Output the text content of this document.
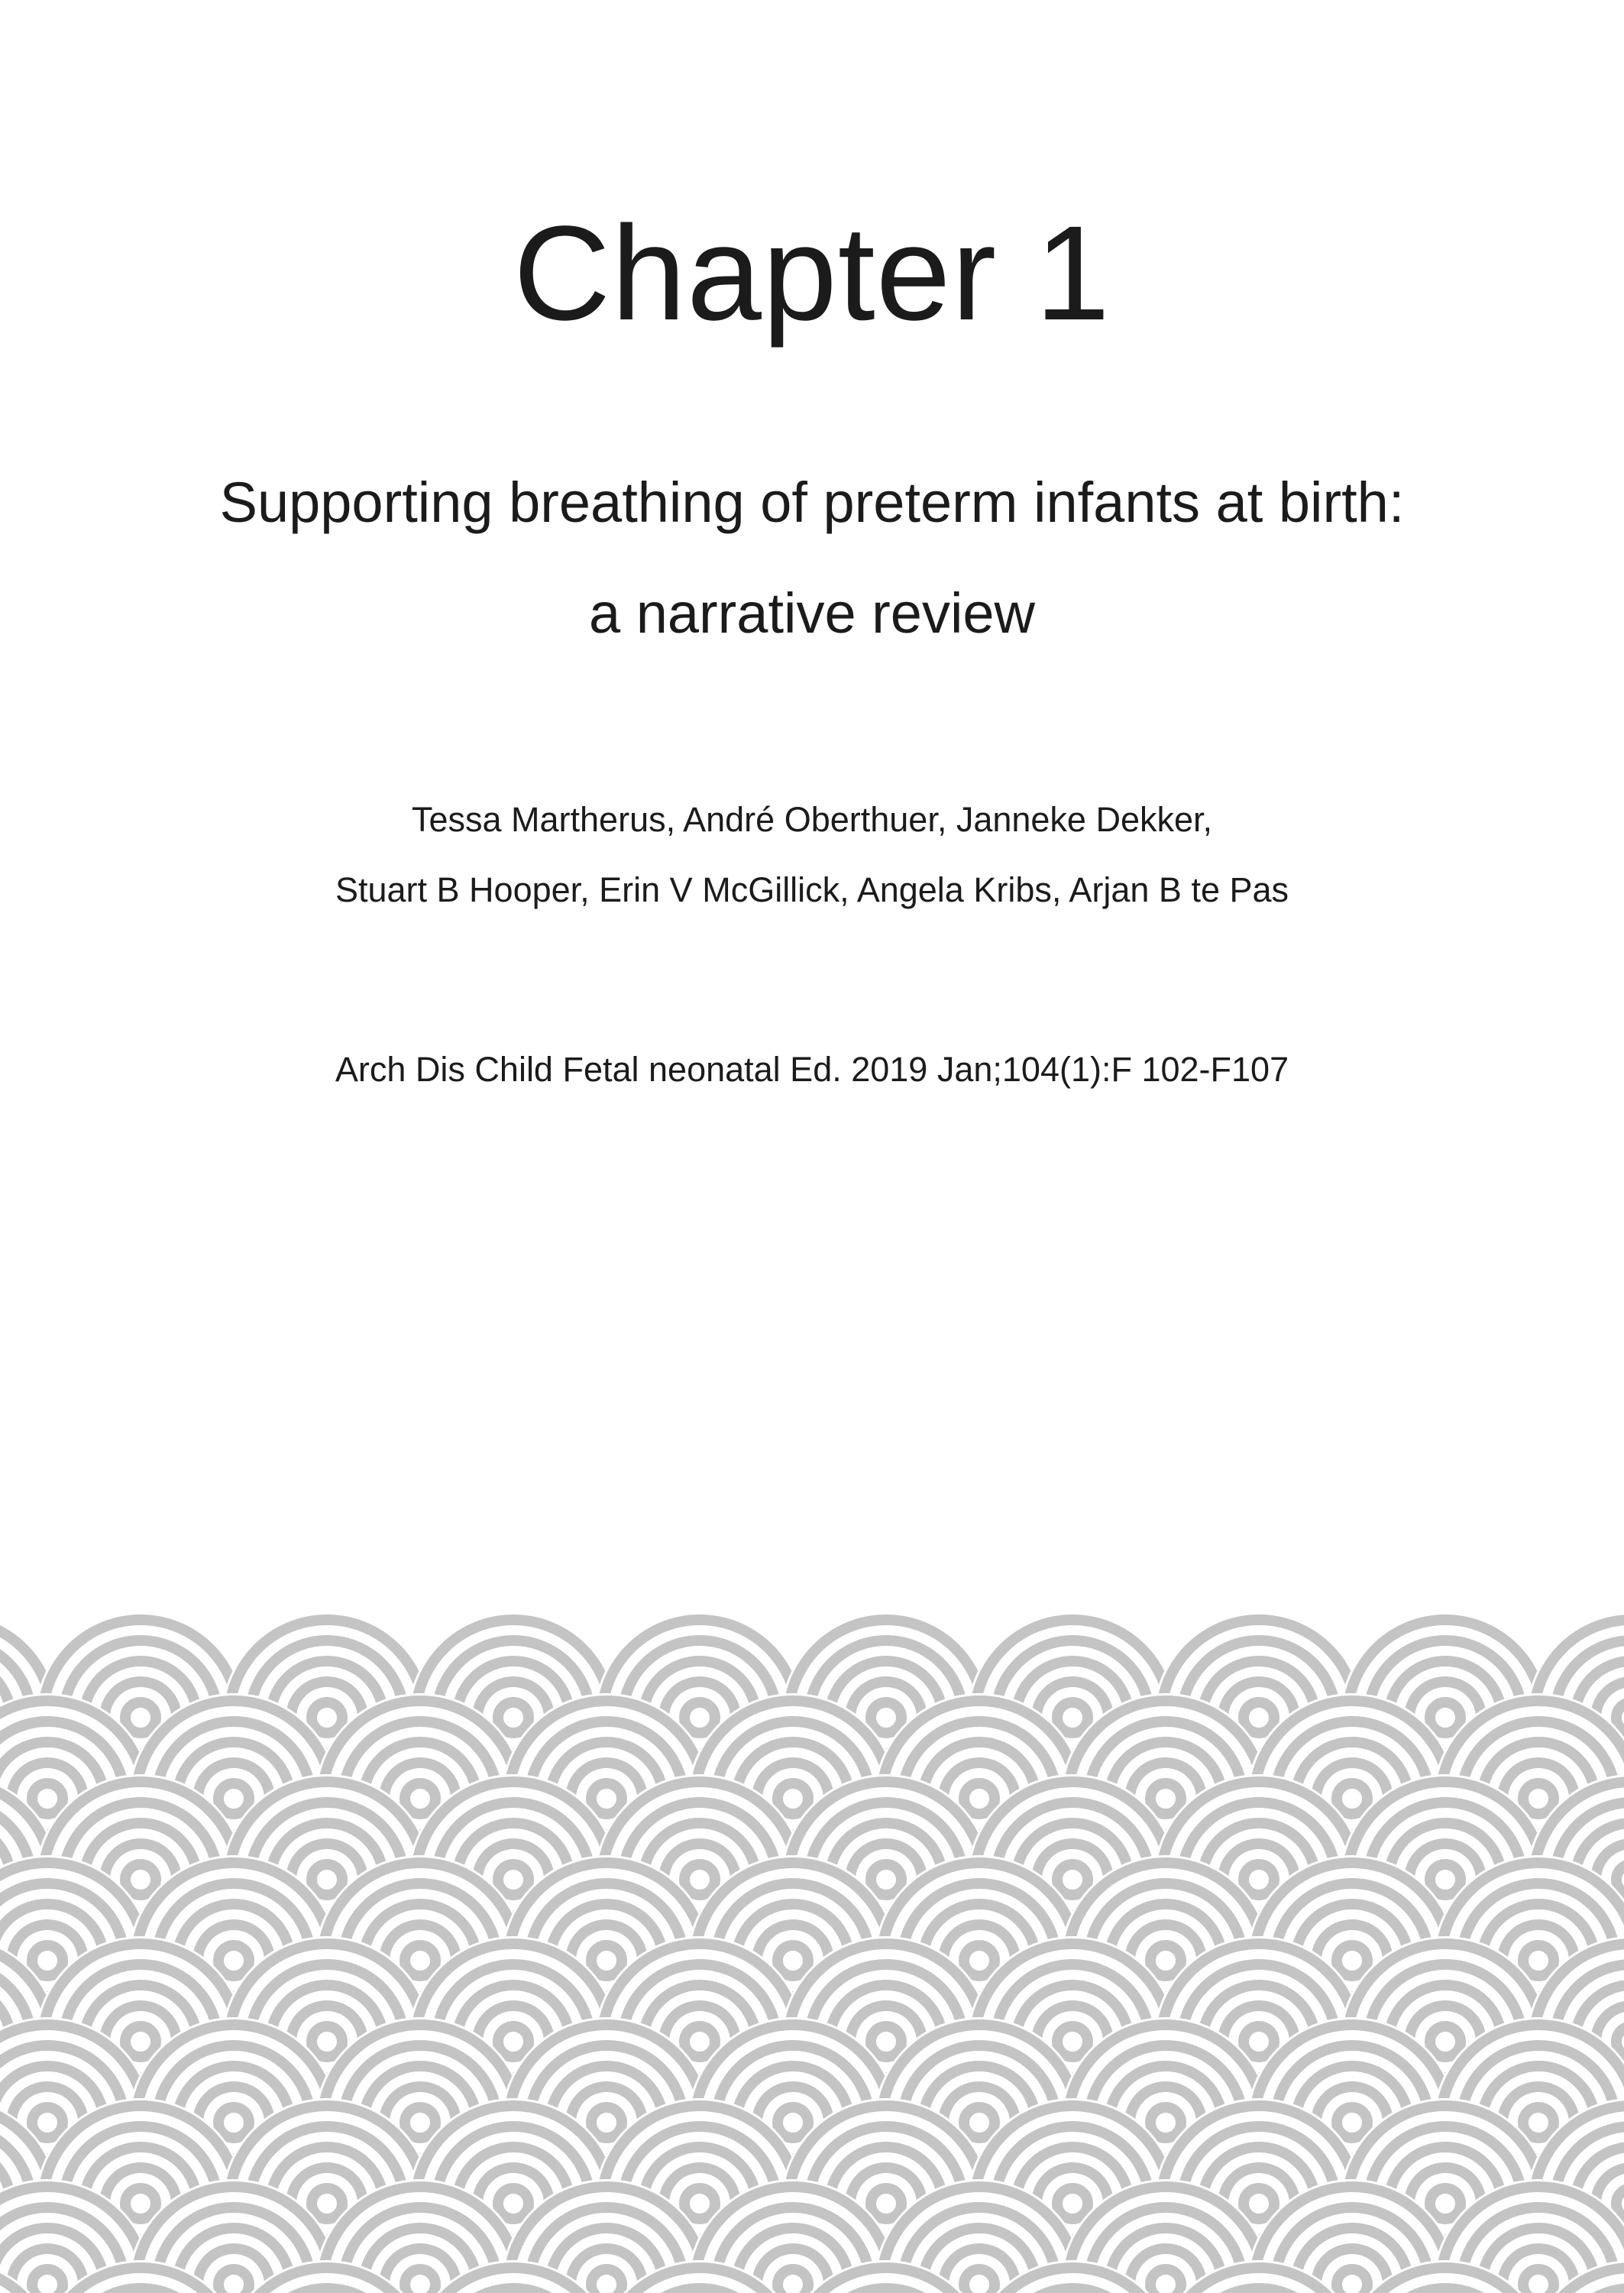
Chapter 1
Supporting breathing of preterm infants at birth:
a narrative review
Tessa Martherus, André Oberthuer, Janneke Dekker,
Stuart B Hooper, Erin V McGillick, Angela Kribs, Arjan B te Pas
Arch Dis Child Fetal neonatal Ed. 2019 Jan;104(1):F 102-F107
